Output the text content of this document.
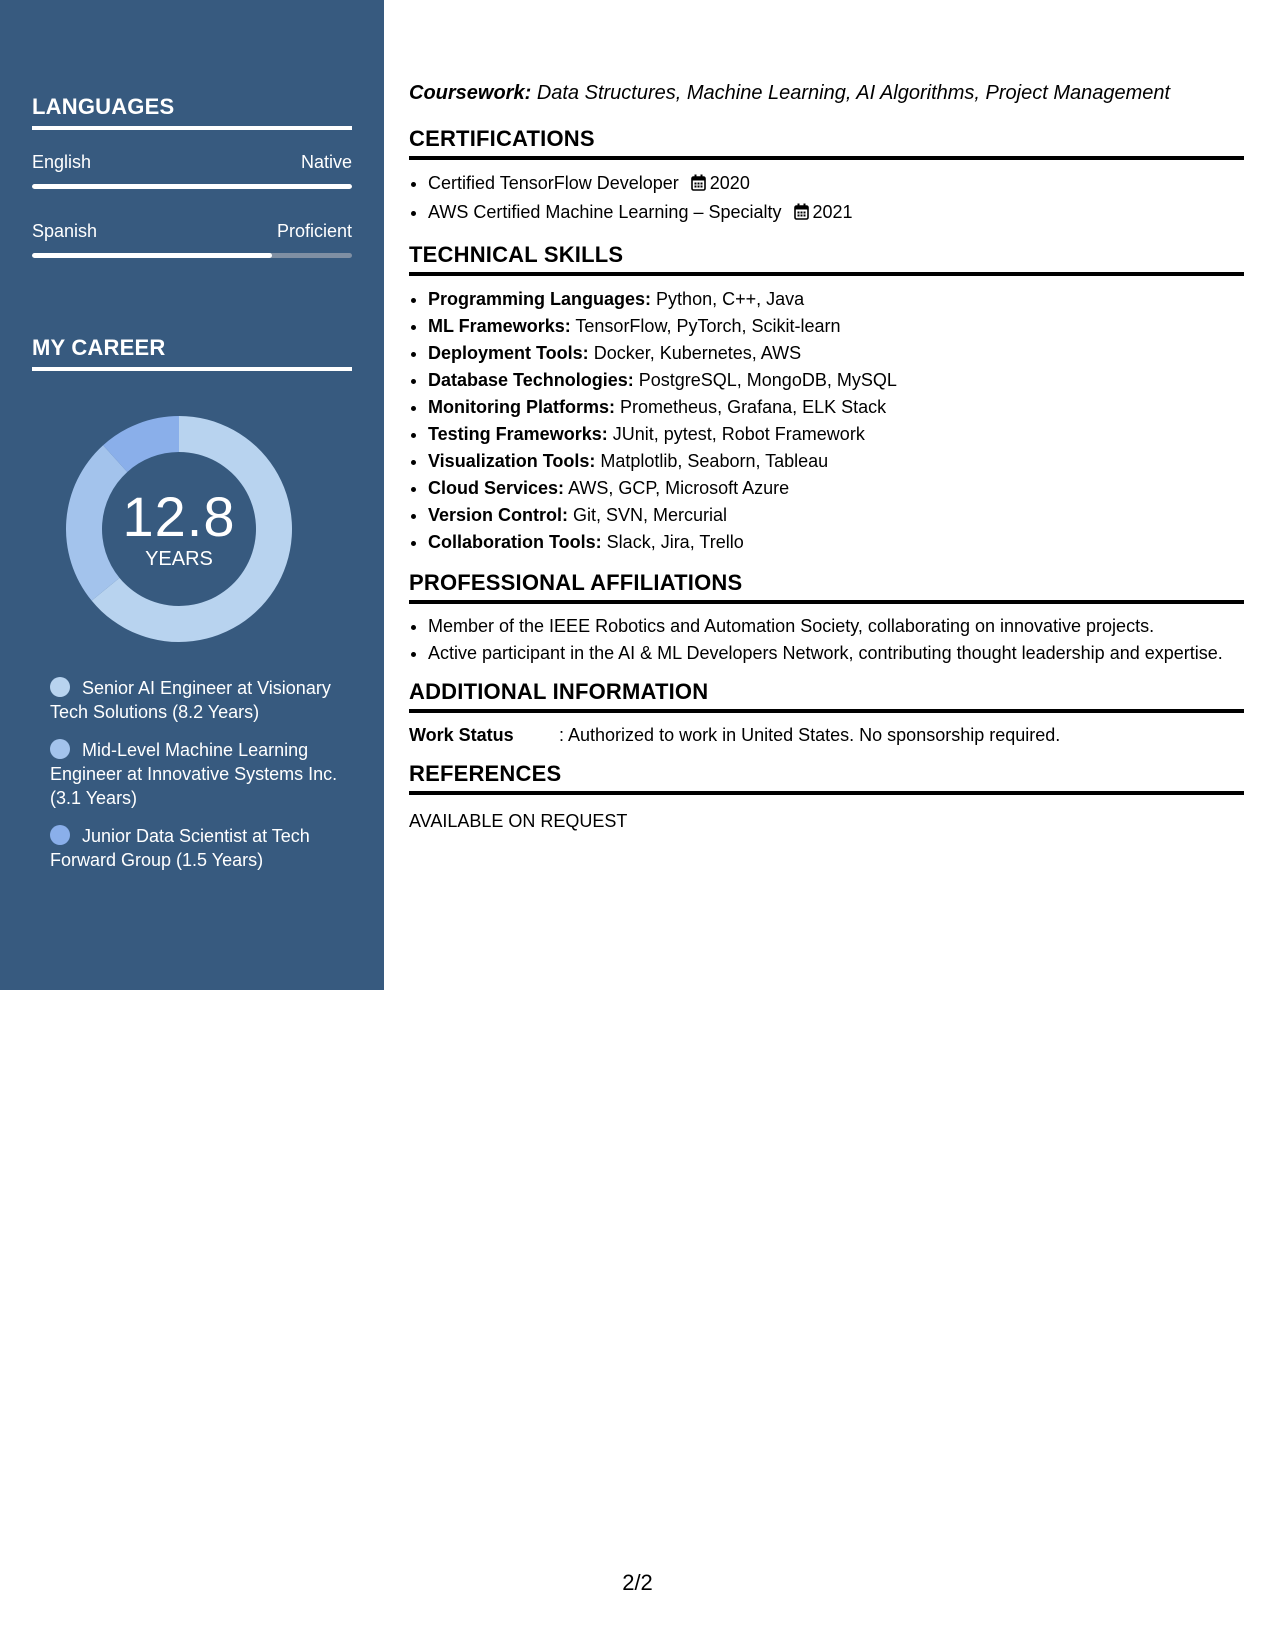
LANGUAGES
English	Native
Spanish	Proficient
MY CAREER
12.8
YEARS
Senior AI Engineer at Visionary Tech Solutions (8.2 Years)
Mid-Level Machine Learning Engineer at Innovative Systems Inc. (3.1 Years)
Junior Data Scientist at Tech Forward Group (1.5 Years)
Coursework: Data Structures, Machine Learning, AI Algorithms, Project Management
CERTIFICATIONS
• Certified TensorFlow Developer 2020
• AWS Certified Machine Learning – Specialty 2021
TECHNICAL SKILLS
• Programming Languages: Python, C++, Java
• ML Frameworks: TensorFlow, PyTorch, Scikit-learn
• Deployment Tools: Docker, Kubernetes, AWS
• Database Technologies: PostgreSQL, MongoDB, MySQL
• Monitoring Platforms: Prometheus, Grafana, ELK Stack
• Testing Frameworks: JUnit, pytest, Robot Framework
• Visualization Tools: Matplotlib, Seaborn, Tableau
• Cloud Services: AWS, GCP, Microsoft Azure
• Version Control: Git, SVN, Mercurial
• Collaboration Tools: Slack, Jira, Trello
PROFESSIONAL AFFILIATIONS
• Member of the IEEE Robotics and Automation Society, collaborating on innovative projects.
• Active participant in the AI & ML Developers Network, contributing thought leadership and expertise.
ADDITIONAL INFORMATION
Work Status	: Authorized to work in United States. No sponsorship required.
REFERENCES
AVAILABLE ON REQUEST
2/2
